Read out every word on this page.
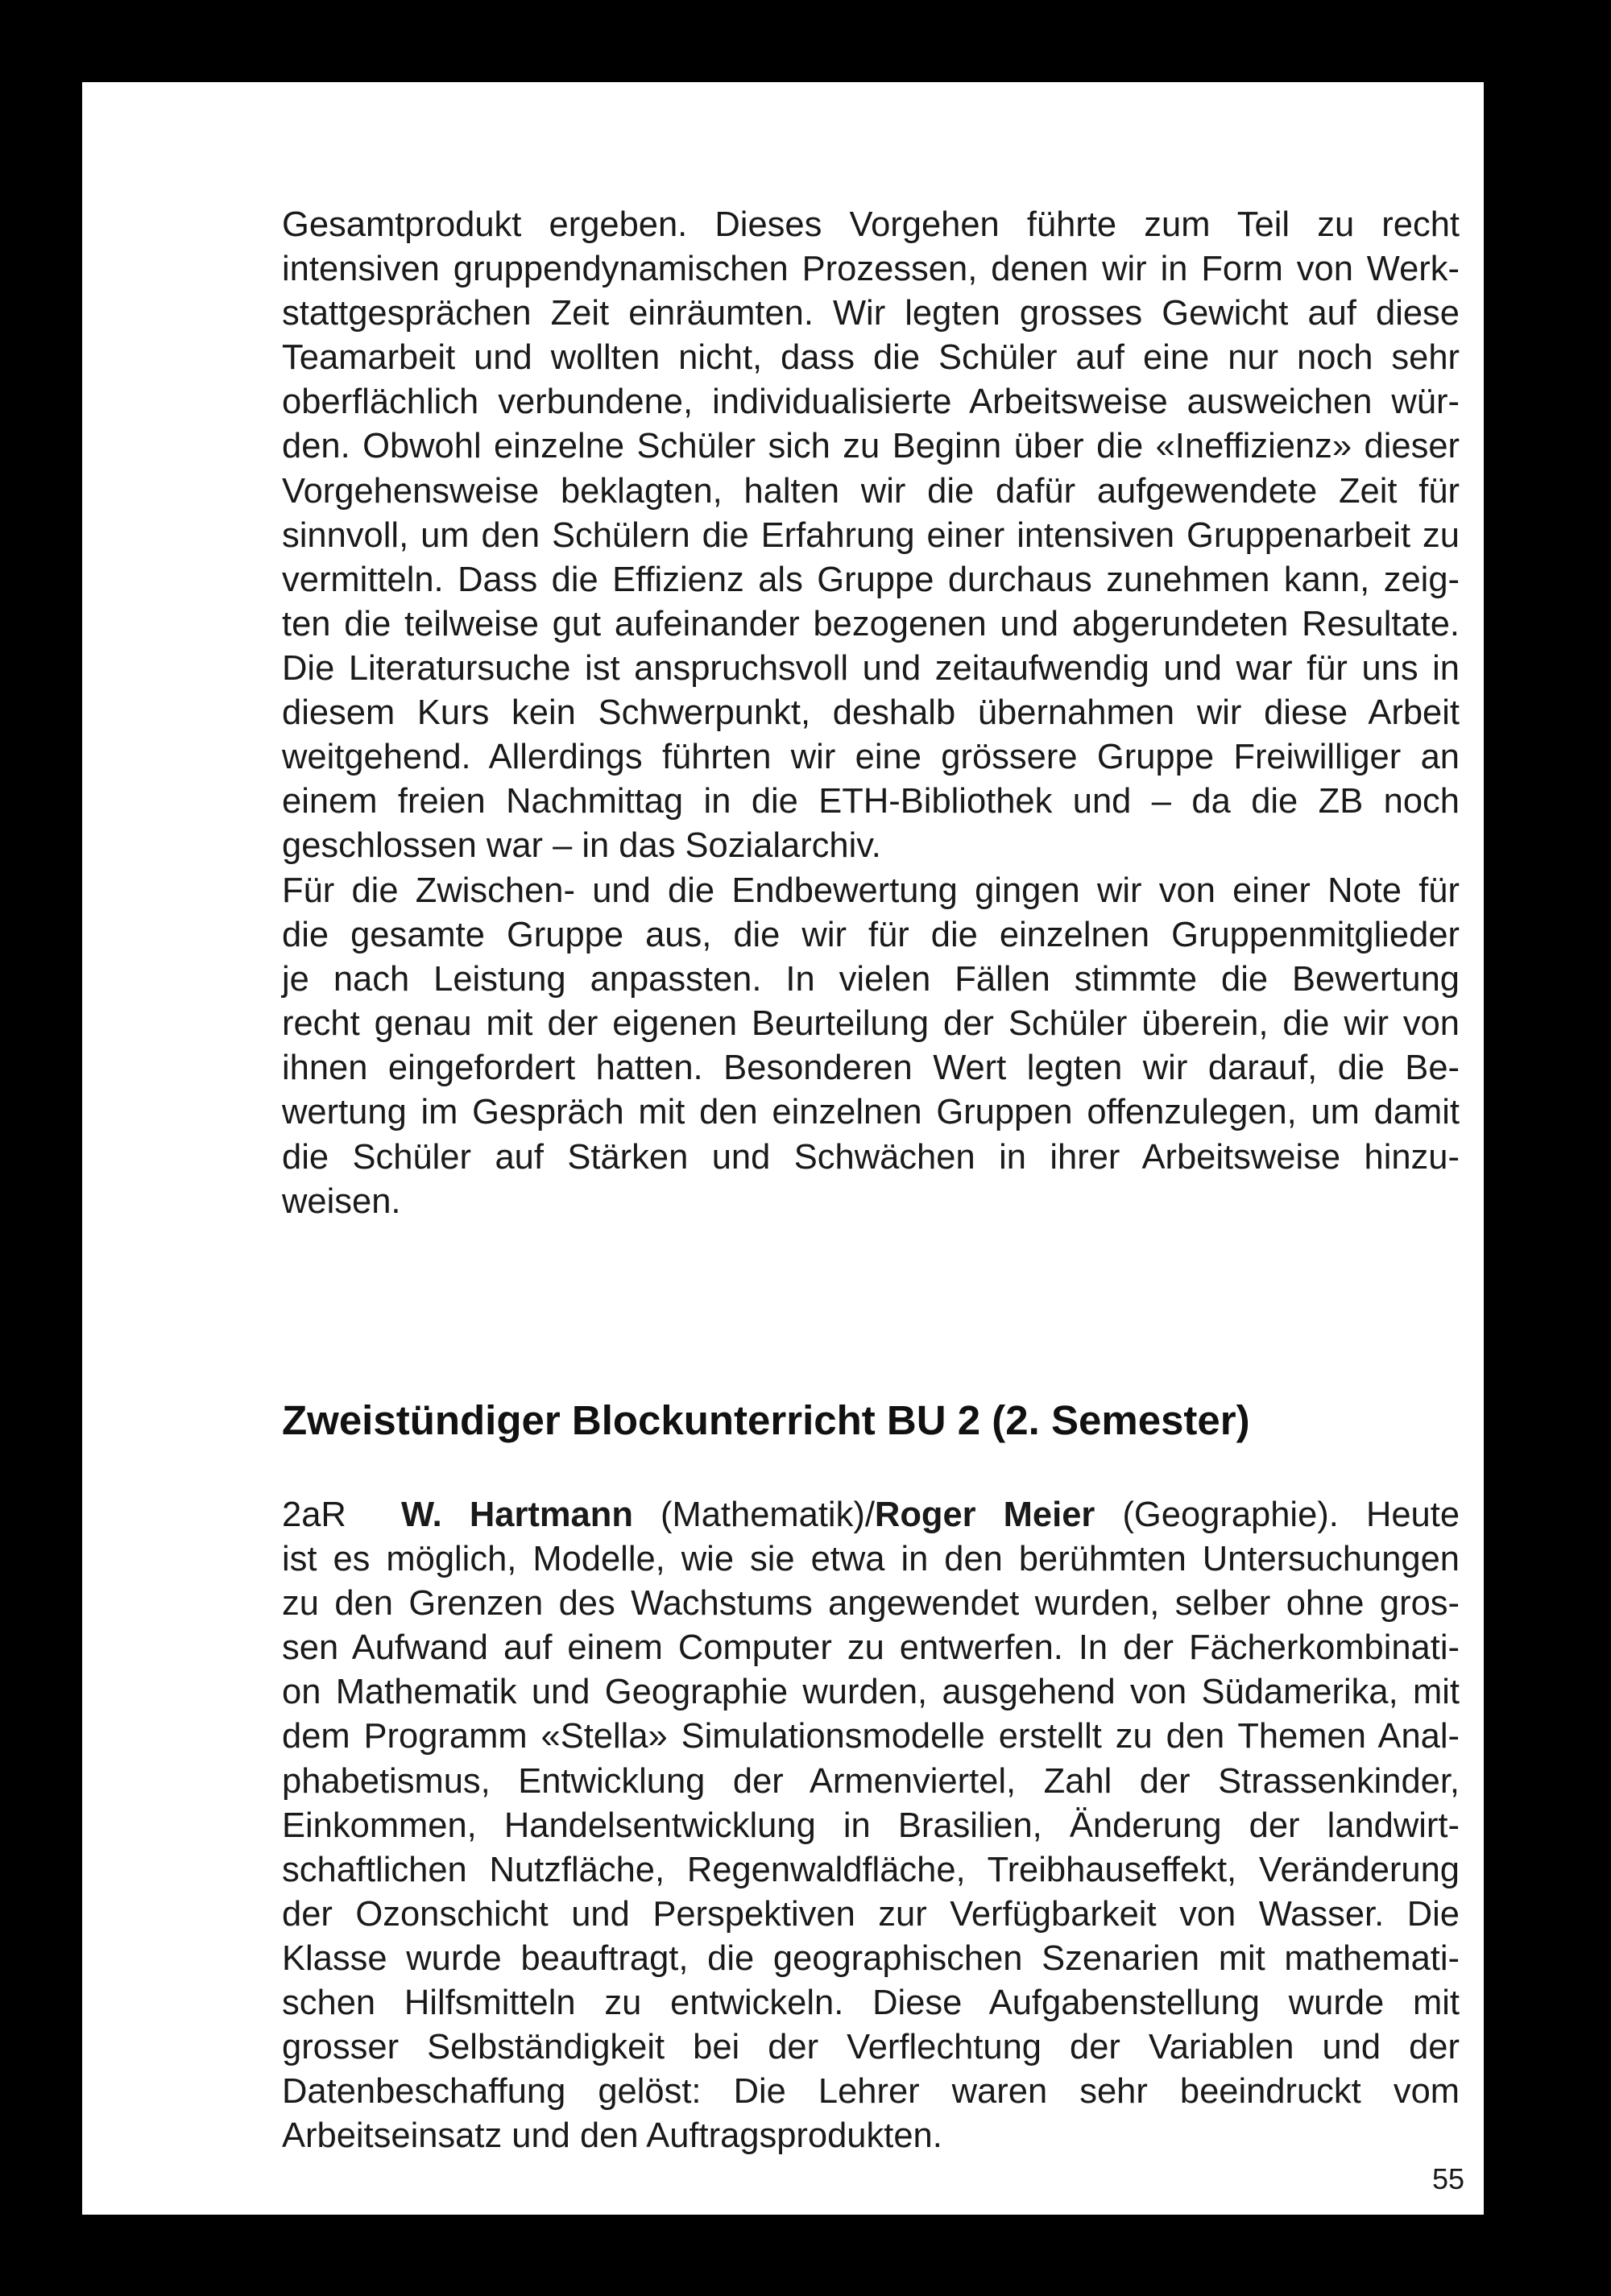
Gesamtprodukt ergeben. Dieses Vorgehen führte zum Teil zu recht
intensiven gruppendynamischen Prozessen, denen wir in Form von Werk-
stattgesprächen Zeit einräumten. Wir legten grosses Gewicht auf diese
Teamarbeit und wollten nicht, dass die Schüler auf eine nur noch sehr
oberflächlich verbundene, individualisierte Arbeitsweise ausweichen wür-
den. Obwohl einzelne Schüler sich zu Beginn über die «Ineffizienz» dieser
Vorgehensweise beklagten, halten wir die dafür aufgewendete Zeit für
sinnvoll, um den Schülern die Erfahrung einer intensiven Gruppenarbeit zu
vermitteln. Dass die Effizienz als Gruppe durchaus zunehmen kann, zeig-
ten die teilweise gut aufeinander bezogenen und abgerundeten Resultate.
Die Literatursuche ist anspruchsvoll und zeitaufwendig und war für uns in
diesem Kurs kein Schwerpunkt, deshalb übernahmen wir diese Arbeit
weitgehend. Allerdings führten wir eine grössere Gruppe Freiwilliger an
einem freien Nachmittag in die ETH-Bibliothek und – da die ZB noch
geschlossen war – in das Sozialarchiv.
Für die Zwischen- und die Endbewertung gingen wir von einer Note für
die gesamte Gruppe aus, die wir für die einzelnen Gruppenmitglieder
je nach Leistung anpassten. In vielen Fällen stimmte die Bewertung
recht genau mit der eigenen Beurteilung der Schüler überein, die wir von
ihnen eingefordert hatten. Besonderen Wert legten wir darauf, die Be-
wertung im Gespräch mit den einzelnen Gruppen offenzulegen, um damit
die Schüler auf Stärken und Schwächen in ihrer Arbeitsweise hinzu-
weisen.
Zweistündiger Blockunterricht BU 2 (2. Semester)
2aR W. Hartmann (Mathematik)/Roger Meier (Geographie). Heute
ist es möglich, Modelle, wie sie etwa in den berühmten Untersuchungen
zu den Grenzen des Wachstums angewendet wurden, selber ohne gros-
sen Aufwand auf einem Computer zu entwerfen. In der Fächerkombinati-
on Mathematik und Geographie wurden, ausgehend von Südamerika, mit
dem Programm «Stella» Simulationsmodelle erstellt zu den Themen Anal-
phabetismus, Entwicklung der Armenviertel, Zahl der Strassenkinder,
Einkommen, Handelsentwicklung in Brasilien, Änderung der landwirt-
schaftlichen Nutzfläche, Regenwaldfläche, Treibhauseffekt, Veränderung
der Ozonschicht und Perspektiven zur Verfügbarkeit von Wasser. Die
Klasse wurde beauftragt, die geographischen Szenarien mit mathemati-
schen Hilfsmitteln zu entwickeln. Diese Aufgabenstellung wurde mit
grosser Selbständigkeit bei der Verflechtung der Variablen und der
Datenbeschaffung gelöst: Die Lehrer waren sehr beeindruckt vom
Arbeitseinsatz und den Auftragsprodukten.
55
